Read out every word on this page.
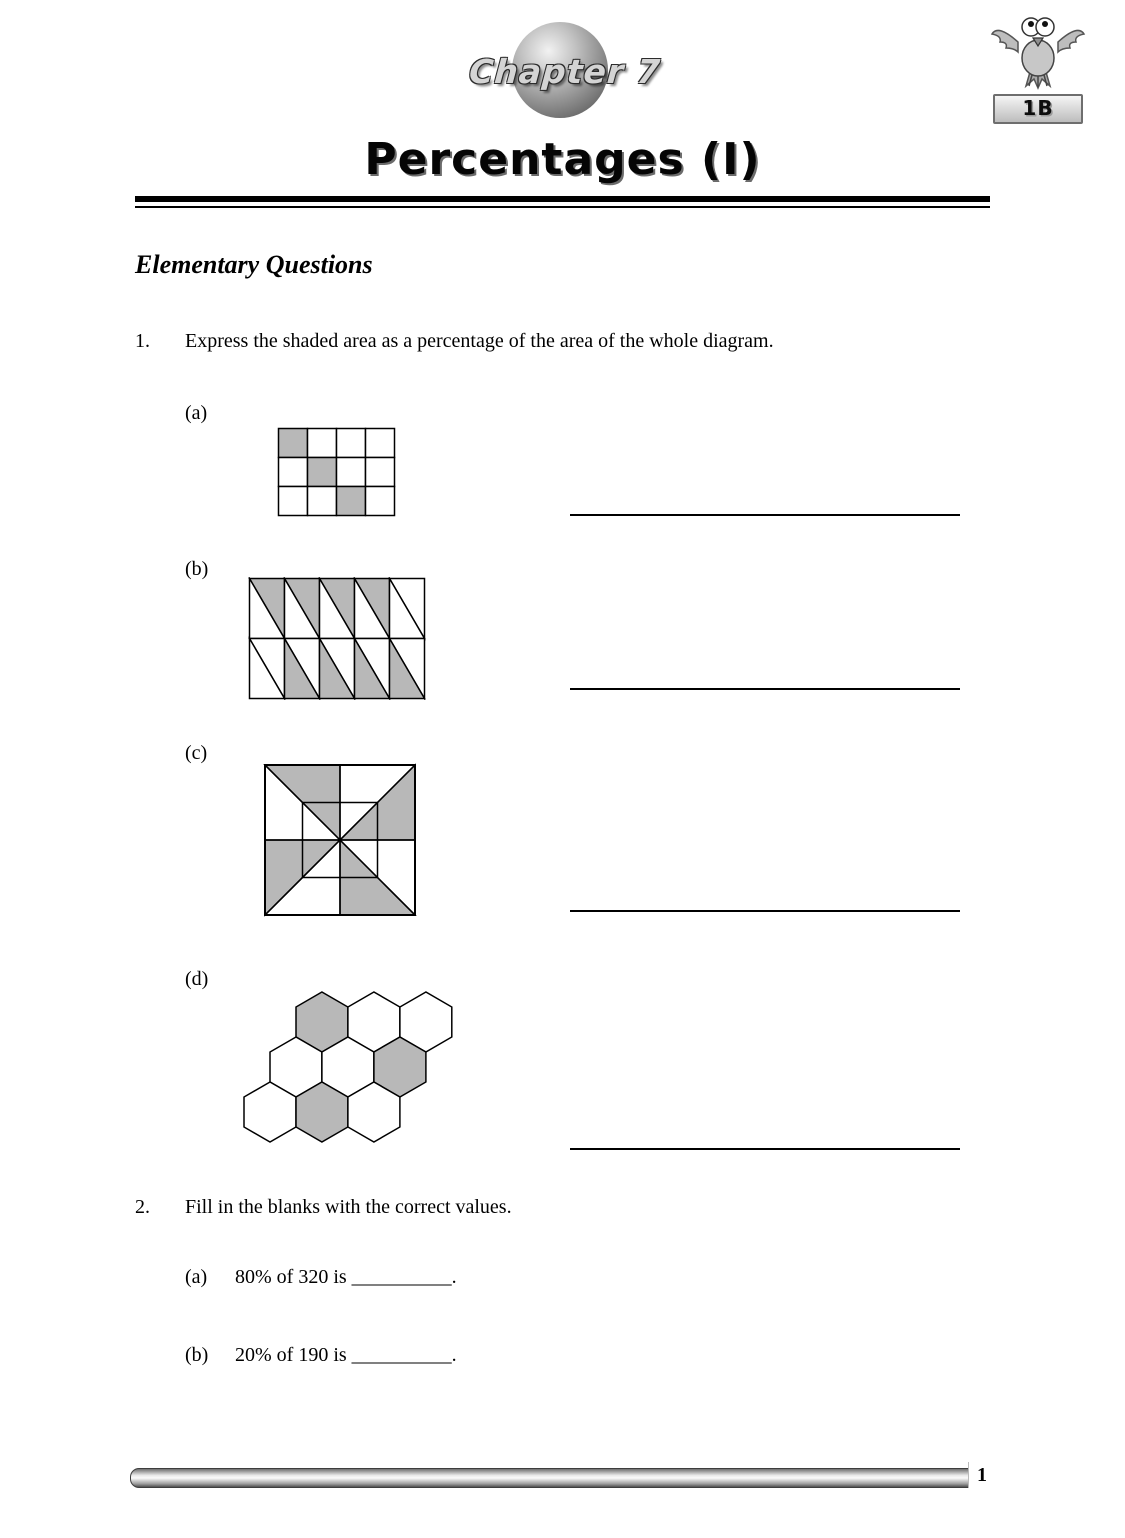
Chapter 7
1B
Percentages (I)
Elementary Questions
1. Express the shaded area as a percentage of the area of the whole diagram.
(a)
(b)
(c)
(d)
2. Fill in the blanks with the correct values.
(a) 80% of 320 is __________.
(b) 20% of 190 is __________.
1
